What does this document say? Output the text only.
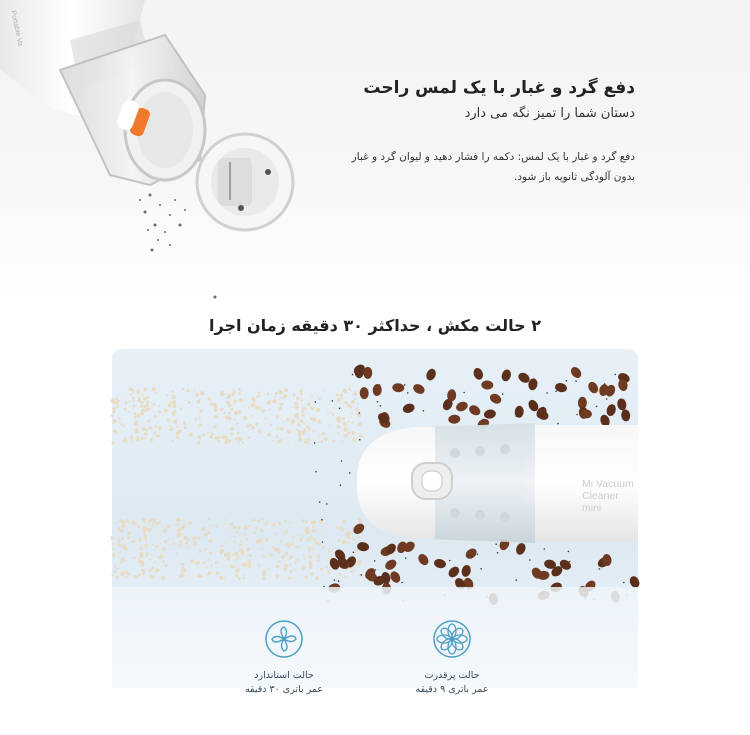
Portable Va

دفع گرد و غبار با یک لمس راحت

دستان شما را تمیز نگه می دارد

دفع گرد و غبار با یک لمس: دکمه را فشار دهید و لیوان گرد و غبار
بدون آلودگی ثانویه باز شود.

۲ حالت مکش ، حداکثر ۳۰ دقیقه زمان اجرا
Mi Vacuum Cleaner mini
حالت استاندارد
عمر باتری ۳۰ دقیقه
حالت پرقدرت
عمر باتری ۹ دقیقه
